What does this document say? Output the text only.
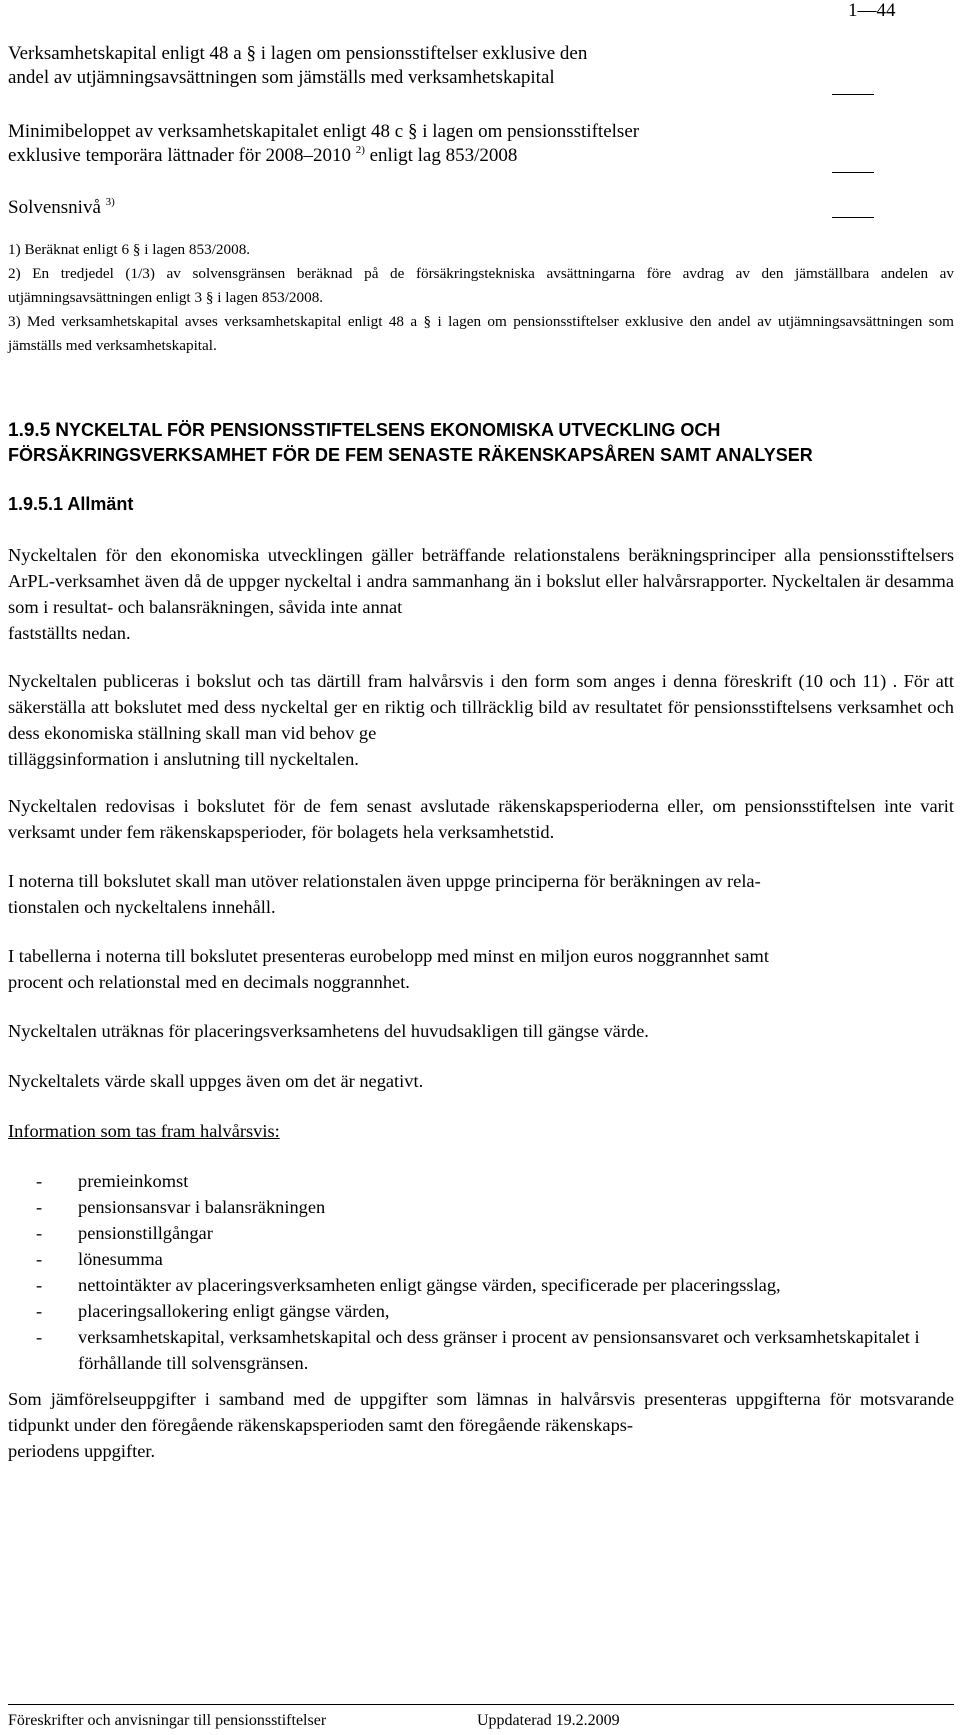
1—44
Verksamhetskapital enligt 48 a § i lagen om pensionsstiftelser exklusive den
andel av utjämningsavsättningen som jämställs med verksamhetskapital
Minimibeloppet av verksamhetskapitalet enligt 48 c § i lagen om pensionsstiftelser
exklusive temporära lättnader för 2008–2010 $^{2)}$ enligt lag 853/2008
Solvensnivå $^{3)}$
1) Beräknat enligt 6 § i lagen 853/2008.
2) En tredjedel (1/3) av solvensgränsen beräknad på de försäkringstekniska avsättningarna före avdrag av den jämställbara andelen av utjämningsavsättningen enligt 3 § i lagen 853/2008.
3) Med verksamhetskapital avses verksamhetskapital enligt 48 a § i lagen om pensionsstiftelser exklusive den andel av utjämningsavsättningen som jämställs med verksamhetskapital.
1.9.5 NYCKELTAL FÖR PENSIONSSTIFTELSENS EKONOMISKA UTVECKLING OCH
FÖRSÄKRINGSVERKSAMHET FÖR DE FEM SENASTE RÄKENSKAPSÅREN SAMT ANALYSER
1.9.5.1 Allmänt
Nyckeltalen för den ekonomiska utvecklingen gäller beträffande relationstalens beräkningsprinciper alla pensionsstiftelsers ArPL-verksamhet även då de uppger nyckeltal i andra sammanhang än i bokslut eller halvårsrapporter. Nyckeltalen är desamma som i resultat- och balansräkningen, såvida inte annat
fastställts nedan.
Nyckeltalen publiceras i bokslut och tas därtill fram halvårsvis i den form som anges i denna föreskrift (10 och 11) . För att säkerställa att bokslutet med dess nyckeltal ger en riktig och tillräcklig bild av resultatet för pensionsstiftelsens verksamhet och dess ekonomiska ställning skall man vid behov ge
tilläggsinformation i anslutning till nyckeltalen.
Nyckeltalen redovisas i bokslutet för de fem senast avslutade räkenskapsperioderna eller, om pensionsstiftelsen inte varit verksamt under fem räkenskapsperioder, för bolagets hela verksamhetstid.
I noterna till bokslutet skall man utöver relationstalen även uppge principerna för beräkningen av rela-
tionstalen och nyckeltalens innehåll.
I tabellerna i noterna till bokslutet presenteras eurobelopp med minst en miljon euros noggrannhet samt
procent och relationstal med en decimals noggrannhet.
Nyckeltalen uträknas för placeringsverksamhetens del huvudsakligen till gängse värde.
Nyckeltalets värde skall uppges även om det är negativt.
Information som tas fram halvårsvis:
- premieinkomst
- pensionsansvar i balansräkningen
- pensionstillgångar
- lönesumma
- nettointäkter av placeringsverksamheten enligt gängse värden, specificerade per placeringsslag,
- placeringsallokering enligt gängse värden,
- verksamhetskapital, verksamhetskapital och dess gränser i procent av pensionsansvaret och verksamhetskapitalet i förhållande till solvensgränsen.
Som jämförelseuppgifter i samband med de uppgifter som lämnas in halvårsvis presenteras uppgifterna för motsvarande tidpunkt under den föregående räkenskapsperioden samt den föregående räkenskaps-
periodens uppgifter.
Föreskrifter och anvisningar till pensionsstiftelser	Uppdaterad 19.2.2009
